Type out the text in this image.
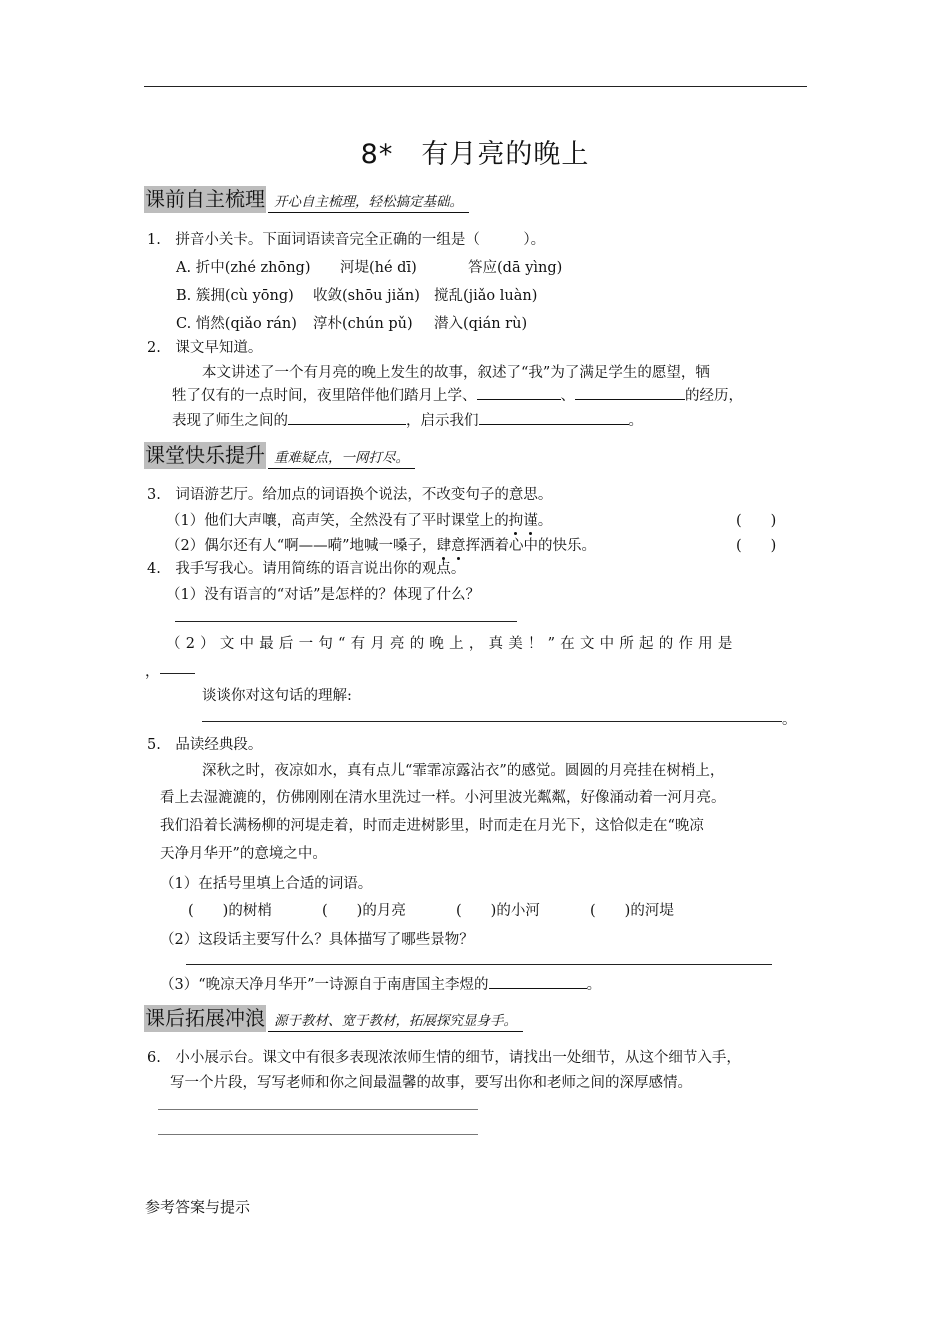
8*　有月亮的晚上
课前自主梳理 开心自主梳理，轻松搞定基础。
1.　拼音小关卡。下面词语读音完全正确的一组是（　　　）。
A. 折中(zhé zhōng) 河堤(hé dī)	答应(dā yìng)
B. 簇拥(cù yōng) 收敛(shōu jiǎn) 搅乱(jiǎo luàn)
C. 悄然(qiǎo rán) 淳朴(chún pǔ) 潜入(qián rù)
2.　课文早知道。
本文讲述了一个有月亮的晚上发生的故事，叙述了“我”为了满足学生的愿望，牺
牲了仅有的一点时间，夜里陪伴他们踏月上学、	、	的经历，
表现了师生之间的	，启示我们	。
课堂快乐提升 重难疑点，一网打尽。
3.　词语游艺厅。给加点的词语换个说法，不改变句子的意思。
（1）他们大声嚷，高声笑，全然没有了平时课堂上的拘谨。	(　　)
（2）偶尔还有人“啊——嗬”地喊一嗓子，肆意挥洒着心中的快乐。	(　　)
4.　我手写我心。请用简练的语言说出你的观点。
（1）没有语言的“对话”是怎样的？体现了什么？
（2）文中最后一句“有月亮的晚上，真美！”在文中所起的作用是
，
谈谈你对这句话的理解:
。
5.　品读经典段。
深秋之时，夜凉如水，真有点儿“霏霏凉露沾衣”的感觉。圆圆的月亮挂在树梢上，
看上去湿漉漉的，仿佛刚刚在清水里洗过一样。小河里波光粼粼，好像涌动着一河月亮。
我们沿着长满杨柳的河堤走着，时而走进树影里，时而走在月光下，这恰似走在“晚凉
天净月华开”的意境之中。
（1）在括号里填上合适的词语。
(　　)的树梢	(　　)的月亮	(　　)的小河	(　　)的河堤
（2）这段话主要写什么？具体描写了哪些景物？
（3）“晚凉天净月华开”一诗源自于南唐国主李煜的	。
课后拓展冲浪 源于教材、宽于教材，拓展探究显身手。
6.　小小展示台。课文中有很多表现浓浓师生情的细节，请找出一处细节，从这个细节入手，
写一个片段，写写老师和你之间最温馨的故事，要写出你和老师之间的深厚感情。
参考答案与提示
